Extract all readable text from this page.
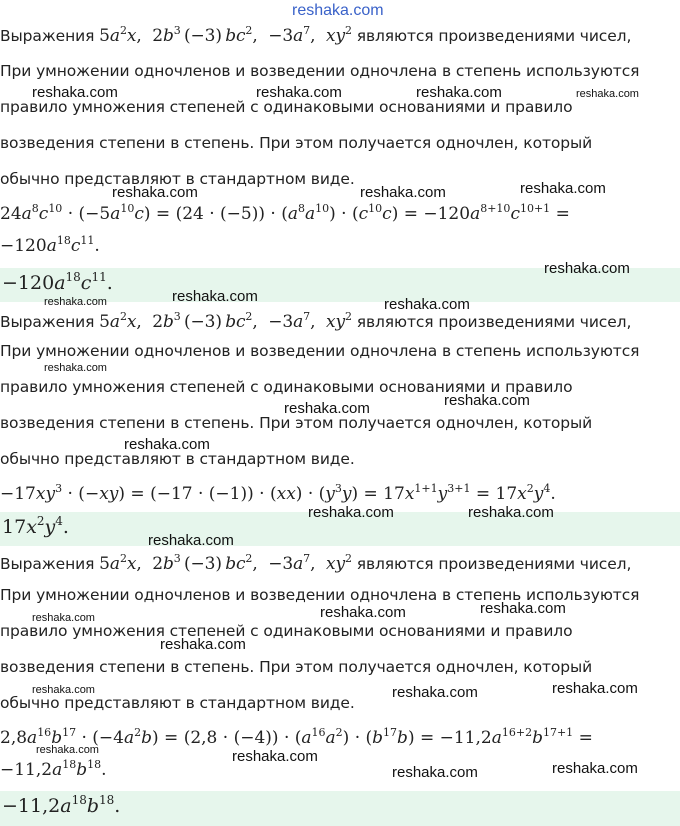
Выражения $5a^2x$,  $2b^3$ (−3) $bc^2$,  $-3a^7$,  $xy^2$ являются произведениями чисел,
При умножении одночленов и возведении одночлена в степень используются
правило умножения степеней с одинаковыми основаниями и правило
возведения степени в степень. При этом получается одночлен, который
обычно представляют в стандартном виде.
$24a^8c^{10} \cdot (-5a^{10}c) = (24 \cdot (-5)) \cdot (a^8a^{10}) \cdot (c^{10}c) = -120a^{8+10}c^{10+1}$ =
$-120a^{18}c^{11}$.
$-120a^{18}c^{11}$.
Выражения $5a^2x$,  $2b^3$ (−3) $bc^2$,  $-3a^7$,  $xy^2$ являются произведениями чисел,
При умножении одночленов и возведении одночлена в степень используются
правило умножения степеней с одинаковыми основаниями и правило
возведения степени в степень. При этом получается одночлен, который
обычно представляют в стандартном виде.
$-17xy^3 \cdot (-xy) = (-17 \cdot (-1)) \cdot (xx) \cdot (y^3y) = 17x^{1+1}y^{3+1} = 17x^2y^4$.
$17x^2y^4$.
Выражения $5a^2x$,  $2b^3$ (−3) $bc^2$,  $-3a^7$,  $xy^2$ являются произведениями чисел,
При умножении одночленов и возведении одночлена в степень используются
правило умножения степеней с одинаковыми основаниями и правило
возведения степени в степень. При этом получается одночлен, который
обычно представляют в стандартном виде.
$2,8a^{16}b^{17} \cdot (-4a^2b) = (2,8 \cdot (-4)) \cdot (a^{16}a^2) \cdot (b^{17}b) = -11,2a^{16+2}b^{17+1}$ =
$-11,2a^{18}b^{18}$.
$-11,2a^{18}b^{18}$.
reshaka.com
reshaka.com	reshaka.com	reshaka.com	reshaka.com
reshaka.com	reshaka.com	reshaka.com
reshaka.com
reshaka.com	reshaka.com	reshaka.com
reshaka.com
reshaka.com
reshaka.com
reshaka.com
reshaka.com	reshaka.com
reshaka.com
reshaka.com
reshaka.com
reshaka.com
reshaka.com
reshaka.com
reshaka.com
reshaka.com
reshaka.com	reshaka.com
reshaka.com
reshaka.com
